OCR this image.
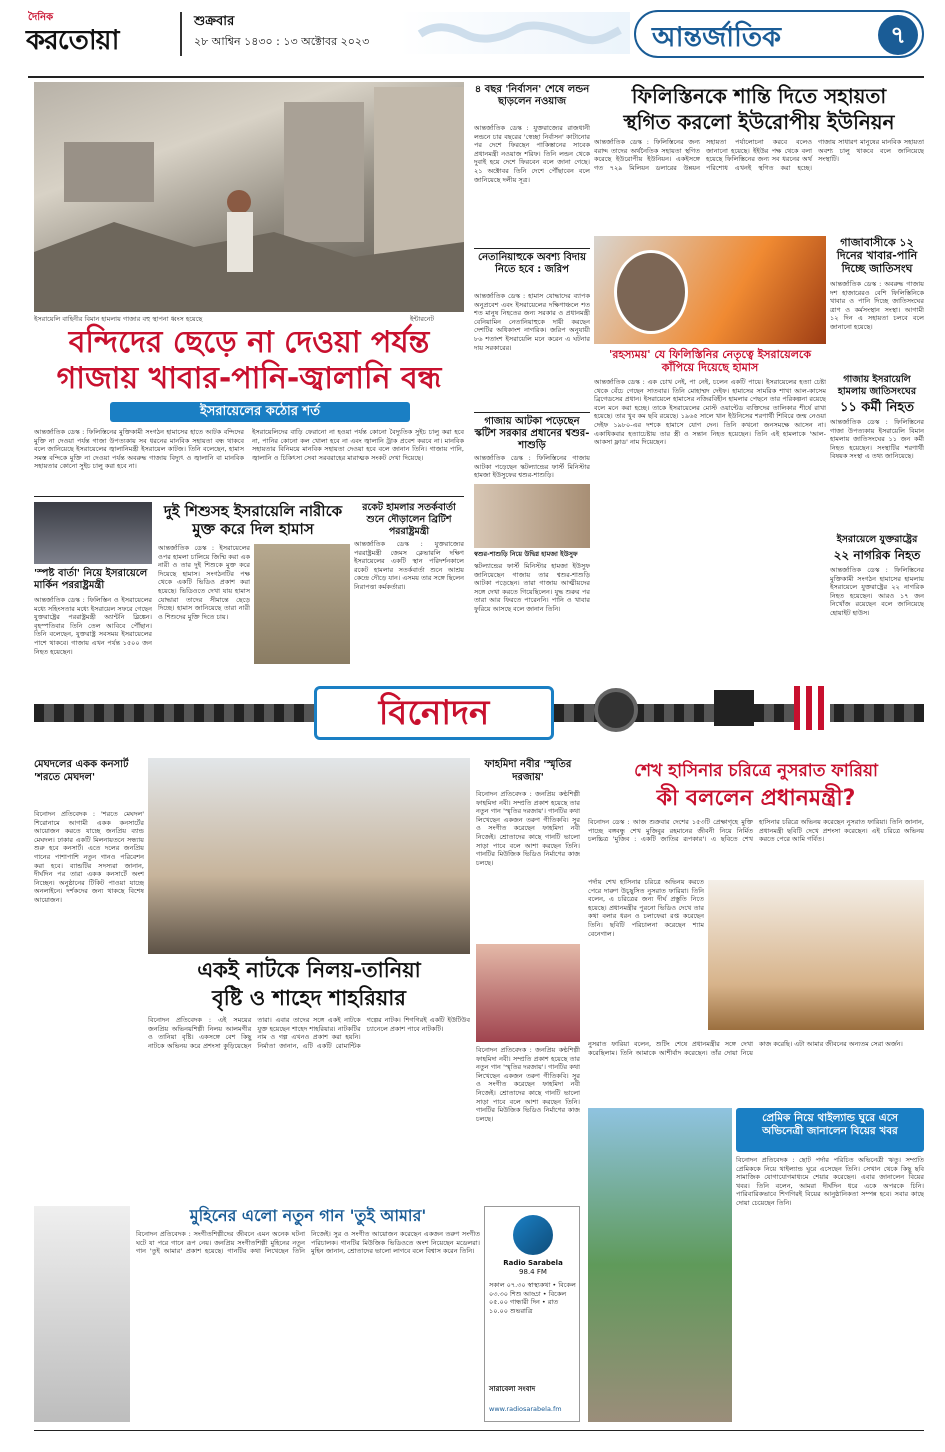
দৈনিক
করতোয়া
শুক্রবার
২৮ আশ্বিন ১৪৩০ : ১৩ অক্টোবর ২০২৩	আন্তর্জাতিক	৭
ইসরায়েলি বাহিনীর বিমান হামলায় গাজার বহু স্থাপনা ধ্বংস হয়েছে	ইন্টারনেট
বন্দিদের ছেড়ে না দেওয়া পর্যন্ত
গাজায় খাবার-পানি-জ্বালানি বন্ধ
ইসরায়েলের কঠোর শর্ত
আন্তর্জাতিক ডেস্ক : ফিলিস্তিনের মুক্তিকামী সংগঠন হামাসের হাতে আটক বন্দিদের মুক্তি না দেওয়া পর্যন্ত গাজা উপত্যকায় সব ধরনের মানবিক সহায়তা বন্ধ থাকবে বলে জানিয়েছে ইসরায়েলের জ্বালানিমন্ত্রী ইসরায়েল কাটজ। তিনি বলেছেন, হামাস সমস্ত বন্দিকে মুক্তি না দেওয়া পর্যন্ত অবরুদ্ধ গাজায় বিদ্যুৎ ও জ্বালানি বা মানবিক সহায়তার কোনো সুইচ চালু করা হবে না।
ইসরায়েলিদের বাড়ি ফেরানো না হওয়া পর্যন্ত কোনো বৈদ্যুতিক সুইচ চালু করা হবে না, পানির কোনো কল খোলা হবে না এবং জ্বালানি ট্রাক প্রবেশ করবে না। মানবিক সহায়তার বিনিময়ে মানবিক সহায়তা দেওয়া হবে বলে জানান তিনি। গাজায় পানি, জ্বালানি ও চিকিৎসা সেবা সরবরাহের মারাত্মক সংকট দেখা দিয়েছে।
'স্পষ্ট বার্তা' নিয়ে ইসরায়েলে মার্কিন পররাষ্ট্রমন্ত্রী
আন্তর্জাতিক ডেস্ক : ফিলিস্তিন ও ইসরায়েলের মধ্যে সহিংসতার মধ্যে ইসরায়েল সফরে গেছেন যুক্তরাষ্ট্রের পররাষ্ট্রমন্ত্রী অ্যান্টনি ব্লিঙ্কেন। বৃহস্পতিবার তিনি তেল আবিবে পৌঁছান। তিনি বলেছেন, যুক্তরাষ্ট্র সবসময় ইসরায়েলের পাশে থাকবে। গাজায় এখন পর্যন্ত ১৫০০ জন নিহত হয়েছেন।
দুই শিশুসহ ইসরায়েলি নারীকে
মুক্ত করে দিল হামাস
আন্তর্জাতিক ডেস্ক : ইসরায়েলের ওপর হামলা চালিয়ে জিম্মি করা এক নারী ও তার দুই শিশুকে মুক্ত করে দিয়েছে হামাস। সংগঠনটির পক্ষ থেকে একটি ভিডিও প্রকাশ করা হয়েছে। ভিডিওতে দেখা যায় হামাস যোদ্ধারা তাদের সীমান্তে ছেড়ে দিচ্ছে। হামাস জানিয়েছে তারা নারী ও শিশুদের মুক্তি দিতে চায়।
রকেট হামলার সতর্কবার্তা শুনে দৌড়ালেন ব্রিটিশ পররাষ্ট্রমন্ত্রী
আন্তর্জাতিক ডেস্ক : যুক্তরাজ্যের পররাষ্ট্রমন্ত্রী জেমস ক্লেভারলি দক্ষিণ ইসরায়েলের একটি স্থান পরিদর্শনকালে রকেট হামলার সতর্কবার্তা শুনে আশ্রয় কেন্দ্রে দৌড়ে যান। এসময় তার সঙ্গে ছিলেন নিরাপত্তা কর্মকর্তারা।
৪ বছর 'নির্বাসন' শেষে লন্ডন ছাড়লেন নওয়াজ
আন্তর্জাতিক ডেস্ক : যুক্তরাজ্যের রাজধানী লন্ডনে চার বছরের 'স্বেচ্ছা নির্বাসন' কাটানোর পর দেশে ফিরছেন পাকিস্তানের সাবেক প্রধানমন্ত্রী নওয়াজ শরিফ। তিনি লন্ডন থেকে দুবাই হয়ে দেশে ফিরবেন বলে জানা গেছে। ২১ অক্টোবর তিনি দেশে পৌঁছাবেন বলে জানিয়েছে দলীয় সূত্র।
নেতানিয়াহুকে অবশ্য বিদায় নিতে হবে : জরিপ
আন্তর্জাতিক ডেস্ক : হামাস যোদ্ধাদের ব্যাপক অনুপ্রবেশ এবং ইসরায়েলের দক্ষিণাঞ্চলে শত শত মানুষ নিহতের জন্য সরকার ও প্রধানমন্ত্রী বেনিয়ামিন নেতানিয়াহুকে দায়ী করছেন দেশটির অধিকাংশ নাগরিক। জরিপ অনুযায়ী ৮৬ শতাংশ ইসরায়েলি মনে করেন এ ঘটনার দায় সরকারের।
গাজায় আটকা পড়েছেন স্কটিশ সরকার প্রধানের শ্বশুর-শাশুড়ি
আন্তর্জাতিক ডেস্ক : ফিলিস্তিনের গাজায় আটকা পড়েছেন স্কটল্যান্ডের ফার্স্ট মিনিস্টার হামজা ইউসুফের শ্বশুর-শাশুড়ি।
স্বশুর-শাশুড়ি নিয়ে উদ্বিগ্ন হামজা ইউসুফ
স্কটল্যান্ডের ফার্স্ট মিনিস্টার হামজা ইউসুফ জানিয়েছেন গাজায় তার শ্বশুর-শাশুড়ি আটকা পড়েছেন। তারা গাজায় আত্মীয়দের সঙ্গে দেখা করতে গিয়েছিলেন। যুদ্ধ শুরুর পর তারা আর ফিরতে পারেননি। পানি ও খাবার ফুরিয়ে আসছে বলে জানান তিনি।
ফিলিস্তিনকে শান্তি দিতে সহায়তা
স্থগিত করলো ইউরোপীয় ইউনিয়ন
আন্তর্জাতিক ডেস্ক : ফিলিস্তিনের জন্য বরাদ্দ তাদের অর্থনৈতিক সহায়তা স্থগিত করেছে ইউরোপীয় ইউনিয়ন। একইসঙ্গে গত ৭২৯ মিলিয়ন ডলারের উন্নয়ন সহায়তা পর্যালোচনা করবে বলেও জানানো হয়েছে। ইইউর পক্ষ থেকে বলা হয়েছে ফিলিস্তিনের জন্য সব ধরনের অর্থ পরিশোধ এখনই স্থগিত করা হচ্ছে। গাজায় সাধারণ মানুষের মানবিক সহায়তা অবশ্য চালু থাকবে বলে জানিয়েছে সংস্থাটি।
'রহস্যময়' যে ফিলিস্তিনির নেতৃত্বে ইসরায়েলকে কাঁপিয়ে দিয়েছে হামাস
আন্তর্জাতিক ডেস্ক : এক চোখ নেই, পা নেই, চলেন একটি পায়ে। ইসরায়েলের হত্যা চেষ্টা থেকে বেঁচে গেছেন সাতবার। তিনি মোহাম্মদ দেইফ। হামাসের সামরিক শাখা আল-কাসেম ব্রিগেডসের প্রধান। ইসরায়েলে হামাসের নজিরবিহীন হামলার পেছনে তার পরিকল্পনা রয়েছে বলে মনে করা হচ্ছে। তাকে ইসরায়েলের মোস্ট ওয়ান্টেড ব্যক্তিদের তালিকার শীর্ষে রাখা হয়েছে। তার খুব কম ছবি রয়েছে। ১৯৬৫ সালে খান ইউনিসের শরণার্থী শিবিরে জন্ম নেওয়া দেইফ ১৯৮০-এর দশকে হামাসে যোগ দেন। তিনি কখনো জনসমক্ষে আসেন না। একাধিকবার হত্যাচেষ্টায় তার স্ত্রী ও সন্তান নিহত হয়েছেন। তিনি এই হামলাকে 'আল-আকসা ফ্লাড' নাম দিয়েছেন।
গাজাবাসীকে ১২ দিনের খাবার-পানি দিচ্ছে জাতিসংঘ
আন্তর্জাতিক ডেস্ক : অবরুদ্ধ গাজায় দশ হাজারেরও বেশি ফিলিস্তিনিকে খাবার ও পানি দিচ্ছে জাতিসংঘের ত্রাণ ও কর্মসংস্থান সংস্থা। আগামী ১২ দিন এ সহায়তা চলবে বলে জানানো হয়েছে।
গাজায় ইসরায়েলি হামলায় জাতিসংঘের
১১ কর্মী নিহত
আন্তর্জাতিক ডেস্ক : ফিলিস্তিনের গাজা উপত্যকায় ইসরায়েলি বিমান হামলায় জাতিসংঘের ১১ জন কর্মী নিহত হয়েছেন। সংস্থাটির শরণার্থী বিষয়ক সংস্থা এ তথ্য জানিয়েছে।
ইসরায়েলে যুক্তরাষ্ট্রের
২২ নাগরিক নিহত
আন্তর্জাতিক ডেস্ক : ফিলিস্তিনের মুক্তিকামী সংগঠন হামাসের হামলায় ইসরায়েলে যুক্তরাষ্ট্রের ২২ নাগরিক নিহত হয়েছেন। আরও ১৭ জন নিখোঁজ রয়েছেন বলে জানিয়েছে হোয়াইট হাউস।
বিনোদন
মেঘদলের একক কনসার্ট 'শরতে মেঘদল'
বিনোদন প্রতিবেদক : 'শরতে মেঘদল' শিরোনামে আগামী একক কনসার্টের আয়োজন করতে যাচ্ছে জনপ্রিয় ব্যান্ড মেঘদল। ঢাকার একটি মিলনায়তনে সন্ধ্যায় শুরু হবে কনসার্ট। এতে দলের জনপ্রিয় গানের পাশাপাশি নতুন গানও পরিবেশন করা হবে। ব্যান্ডটির সদস্যরা জানান, দীর্ঘদিন পর তারা একক কনসার্টে অংশ নিচ্ছেন। অনুষ্ঠানের টিকিট পাওয়া যাচ্ছে অনলাইনে। দর্শকদের জন্য থাকছে বিশেষ আয়োজন।
একই নাটকে নিলয়-তানিয়া
বৃষ্টি ও শাহেদ শাহরিয়ার
বিনোদন প্রতিবেদক : এই সময়ের জনপ্রিয় অভিনয়শিল্পী নিলয় আলমগীর ও তানিয়া বৃষ্টি। একসঙ্গে বেশ কিছু নাটকে অভিনয় করে প্রশংসা কুড়িয়েছেন তারা। এবার তাদের সঙ্গে একই নাটকে যুক্ত হয়েছেন শাহেদ শাহরিয়ার। নাটকটির নাম ও গল্প এখনও প্রকাশ করা হয়নি। নির্মাতা জানান, এটি একটি রোমান্টিক গল্পের নাটক। শিগগিরই একটি ইউটিউব চ্যানেলে প্রকাশ পাবে নাটকটি।
ফাহমিদা নবীর 'স্মৃতির দরজায়'
বিনোদন প্রতিবেদক : জনপ্রিয় কণ্ঠশিল্পী ফাহমিদা নবী। সম্প্রতি প্রকাশ হয়েছে তার নতুন গান 'স্মৃতির দরজায়'। গানটির কথা লিখেছেন একজন তরুণ গীতিকবি। সুর ও সংগীত করেছেন ফাহমিদা নবী নিজেই। শ্রোতাদের কাছে গানটি ভালো সাড়া পাবে বলে আশা করছেন তিনি। গানটির মিউজিক ভিডিও নির্মাণের কাজ চলছে।
বিনোদন প্রতিবেদক : জনপ্রিয় কণ্ঠশিল্পী ফাহমিদা নবী। সম্প্রতি প্রকাশ হয়েছে তার নতুন গান 'স্মৃতির দরজায়'। গানটির কথা লিখেছেন একজন তরুণ গীতিকবি। সুর ও সংগীত করেছেন ফাহমিদা নবী নিজেই। শ্রোতাদের কাছে গানটি ভালো সাড়া পাবে বলে আশা করছেন তিনি। গানটির মিউজিক ভিডিও নির্মাণের কাজ চলছে।
মুহিনের এলো নতুন গান 'তুই আমার'
বিনোদন প্রতিবেদক : সংগীতশিল্পীদের জীবনে এমন অনেক ঘটনা ঘটে যা পরে গানে রূপ নেয়। জনপ্রিয় সংগীতশিল্পী মুহিনের নতুন গান 'তুই আমার' প্রকাশ হয়েছে। গানটির কথা লিখেছেন তিনি নিজেই। সুর ও সংগীত আয়োজন করেছেন একজন তরুণ সংগীত পরিচালক। গানটির মিউজিক ভিডিওতে অংশ নিয়েছেন মডেলরা। মুহিন জানান, শ্রোতাদের ভালো লাগবে বলে বিশ্বাস করেন তিনি।
Radio Sarabela
98.4 FM
সকাল ০৭.৩০ স্বাস্থ্যকথা • বিকেল ০৩.৩০ শিশু আড্ডা • বিকেল ০৫.০০ গান্ধারী দিন • রাত ১০.০০ শুভরাত্রি
সারাবেলা সংবাদ
www.radiosarabela.fm
শেখ হাসিনার চরিত্রে নুসরাত ফারিয়া
কী বললেন প্রধানমন্ত্রী?
বিনোদন ডেস্ক : আজ শুক্রবার দেশের ১৫৩টি প্রেক্ষাগৃহে মুক্তি পাচ্ছে বঙ্গবন্ধু শেখ মুজিবুর রহমানের জীবনী নিয়ে নির্মিত চলচ্চিত্র 'মুজিব : একটি জাতির রূপকার'। এ ছবিতে শেখ হাসিনার চরিত্রে অভিনয় করেছেন নুসরাত ফারিয়া। তিনি জানান, প্রধানমন্ত্রী ছবিটি দেখে প্রশংসা করেছেন। এই চরিত্রে অভিনয় করতে পেরে আমি গর্বিত।
পর্দায় শেখ হাসিনার চরিত্রে অভিনয় করতে পেরে দারুণ উচ্ছ্বসিত নুসরাত ফারিয়া। তিনি বলেন, এ চরিত্রের জন্য দীর্ঘ প্রস্তুতি নিতে হয়েছে। প্রধানমন্ত্রীর পুরনো ভিডিও দেখে তার কথা বলার ধরন ও চলাফেরা রপ্ত করেছেন তিনি। ছবিটি পরিচালনা করেছেন শ্যাম বেনেগাল।
নুসরাত ফারিয়া বলেন, শুটিং শেষে প্রধানমন্ত্রীর সঙ্গে দেখা করেছিলাম। তিনি আমাকে আশীর্বাদ করেছেন। তাঁর দোয়া নিয়ে কাজ করেছি। এটা আমার জীবনের অন্যতম সেরা অর্জন।
প্রেমিক নিয়ে থাইল্যান্ড ঘুরে এসে অভিনেত্রী জানালেন বিয়ের খবর
বিনোদন প্রতিবেদক : ছোট পর্দার পরিচিত অভিনেত্রী ঋতু। সম্প্রতি প্রেমিককে নিয়ে থাইল্যান্ড ঘুরে এসেছেন তিনি। সেখান থেকে কিছু ছবি সামাজিক যোগাযোগমাধ্যমে শেয়ার করেছেন। এবার জানালেন বিয়ের খবর। তিনি বলেন, আমরা দীর্ঘদিন ধরে একে অপরকে চিনি। পারিবারিকভাবে শিগগিরই বিয়ের আনুষ্ঠানিকতা সম্পন্ন হবে। সবার কাছে দোয়া চেয়েছেন তিনি।
